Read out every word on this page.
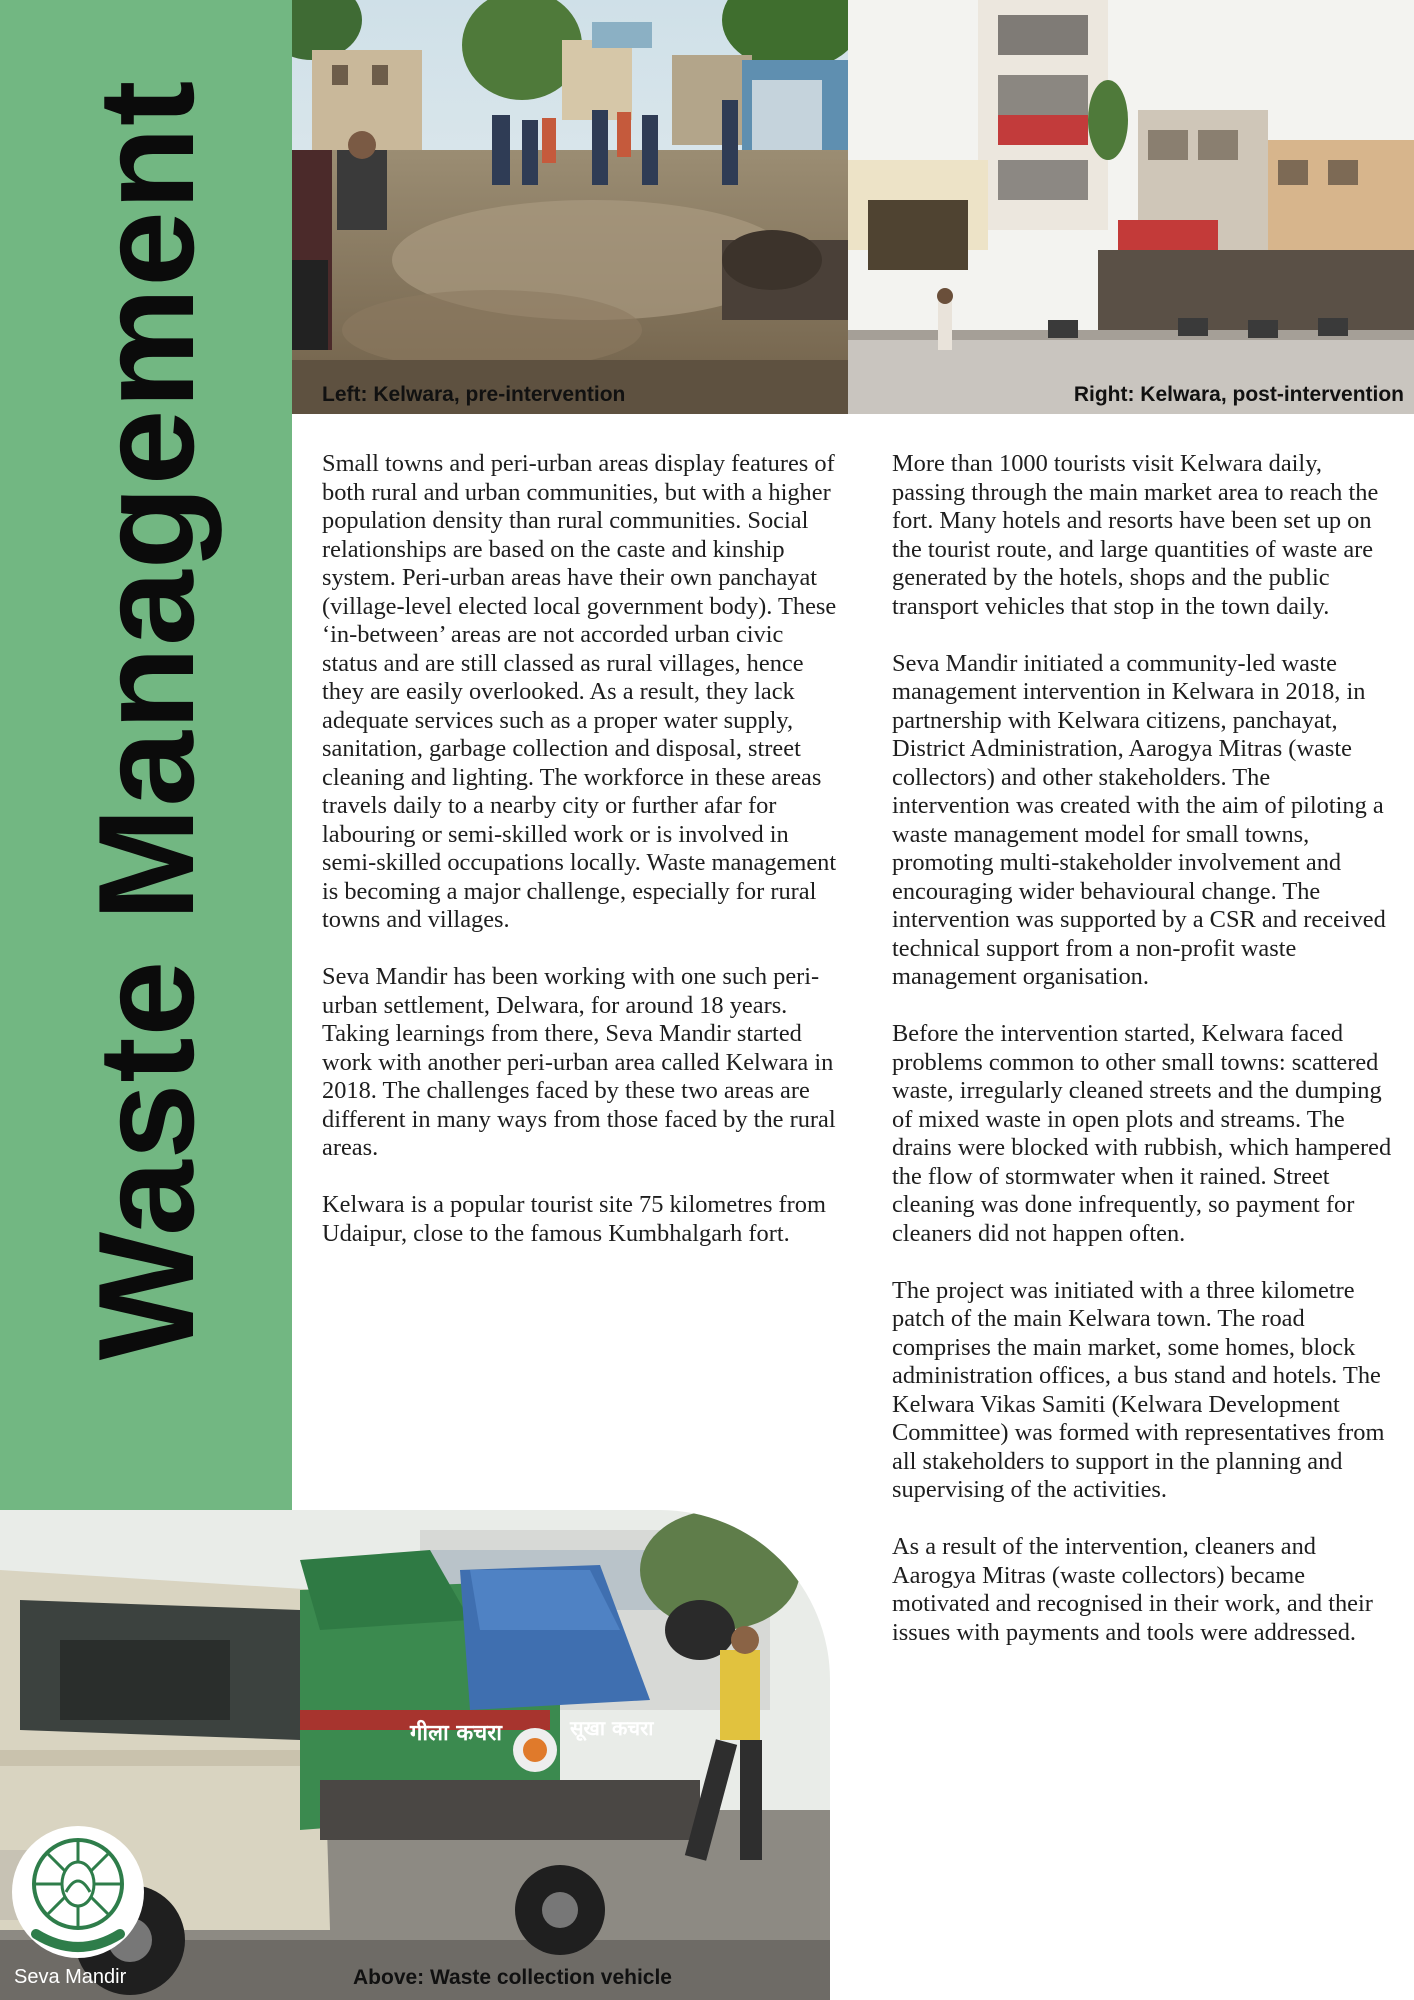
Waste Management	Left: Kelwara, pre-intervention	Right: Kelwara, post-intervention

Small towns and peri-urban areas display features of both rural and urban communities, but with a higher population density than rural communities. Social relationships are based on the caste and kinship system. Peri-urban areas have their own panchayat (village-level elected local government body). These ‘in-between’ areas are not accorded urban civic status and are still classed as rural villages, hence they are easily overlooked. As a result, they lack adequate services such as a proper water supply, sanitation, garbage collection and disposal, street cleaning and lighting. The workforce in these areas travels daily to a nearby city or further afar for labouring or semi-skilled work or is involved in semi-skilled occupations locally. Waste management is becoming a major challenge, especially for rural towns and villages.

Seva Mandir has been working with one such peri-urban settlement, Delwara, for around 18 years. Taking learnings from there, Seva Mandir started work with another peri-urban area called Kelwara in 2018. The challenges faced by these two areas are different in many ways from those faced by the rural areas.

Kelwara is a popular tourist site 75 kilometres from Udaipur, close to the famous Kumbhalgarh fort.

More than 1000 tourists visit Kelwara daily, passing through the main market area to reach the fort. Many hotels and resorts have been set up on the tourist route, and large quantities of waste are generated by the hotels, shops and the public transport vehicles that stop in the town daily.

Seva Mandir initiated a community-led waste management intervention in Kelwara in 2018, in partnership with Kelwara citizens, panchayat, District Administration, Aarogya Mitras (waste collectors) and other stakeholders. The intervention was created with the aim of piloting a waste management model for small towns, promoting multi-stakeholder involvement and encouraging wider behavioural change. The intervention was supported by a CSR and received technical support from a non-profit waste management organisation.

Before the intervention started, Kelwara faced problems common to other small towns: scattered waste, irregularly cleaned streets and the dumping of mixed waste in open plots and streams. The drains were blocked with rubbish, which hampered the flow of stormwater when it rained. Street cleaning was done infrequently, so payment for cleaners did not happen often.

The project was initiated with a three kilometre patch of the main Kelwara town. The road comprises the main market, some homes, block administration offices, a bus stand and hotels. The Kelwara Vikas Samiti (Kelwara Development Committee) was formed with representatives from all stakeholders to support in the planning and supervising of the activities.

As a result of the intervention, cleaners and Aarogya Mitras (waste collectors) became motivated and recognised in their work, and their issues with payments and tools were addressed.

गीला कचरा	सूखा कचरा
Above: Waste collection vehicle
Seva Mandir
